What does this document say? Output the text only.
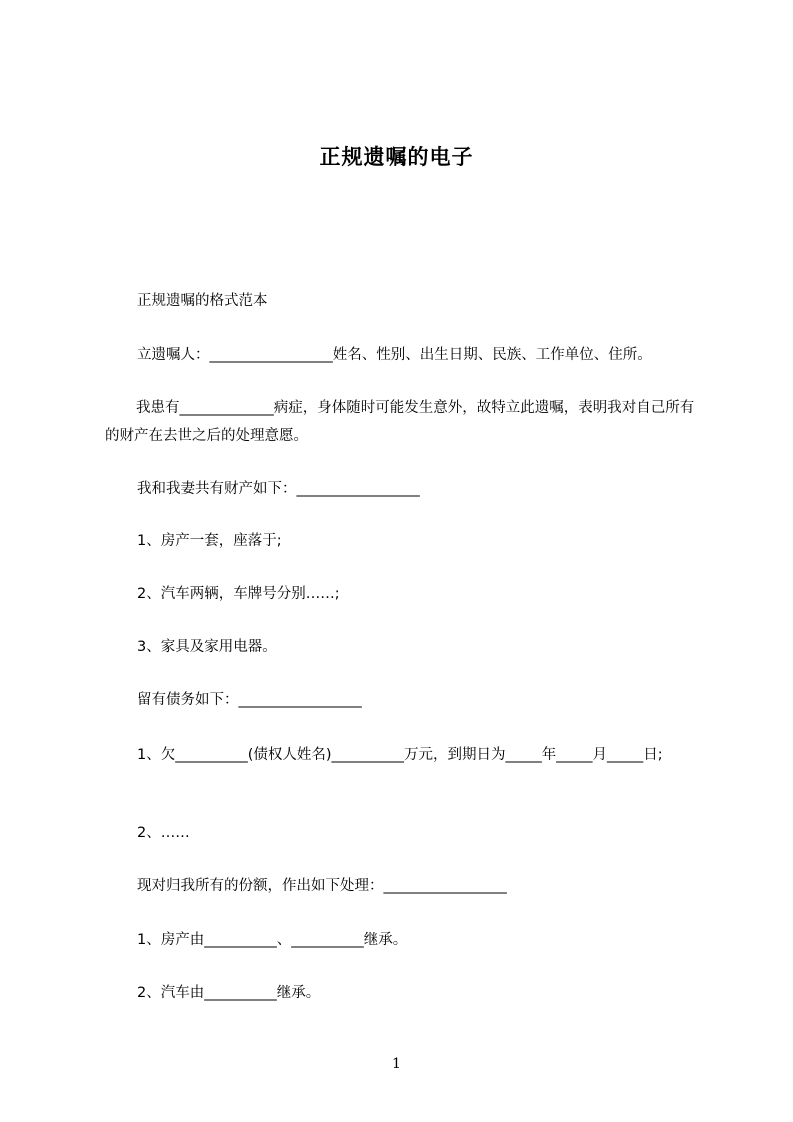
正规遗嘱的电子
正规遗嘱的格式范本
立遗嘱人：_________________姓名、性别、出生日期、民族、工作单位、住所。
我患有_____________病症，身体随时可能发生意外，故特立此遗嘱，表明我对自己所有的财产在去世之后的处理意愿。
我和我妻共有财产如下：_________________
1、房产一套，座落于;
2、汽车两辆，车牌号分别……;
3、家具及家用电器。
留有债务如下：_________________
1、欠__________(债权人姓名)__________万元，到期日为_____年_____月_____日;
2、……
现对归我所有的份额，作出如下处理：_________________
1、房产由__________、__________继承。
2、汽车由__________继承。
1
